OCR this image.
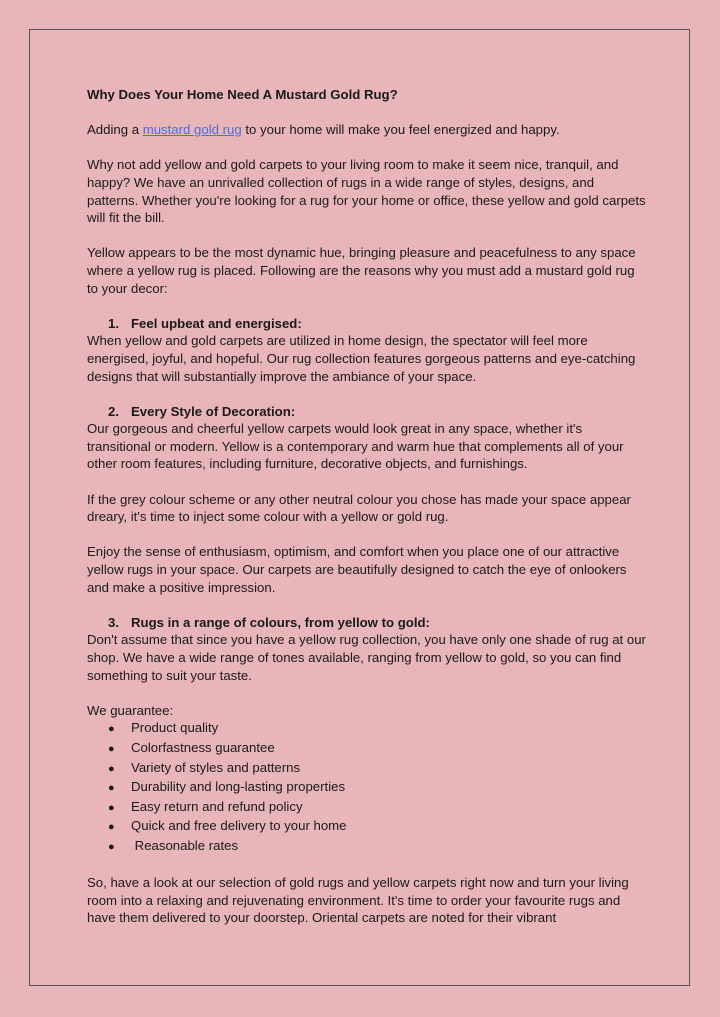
Why Does Your Home Need A Mustard Gold Rug?

Adding a mustard gold rug to your home will make you feel energized and happy.

Why not add yellow and gold carpets to your living room to make it seem nice, tranquil, and happy? We have an unrivalled collection of rugs in a wide range of styles, designs, and patterns. Whether you're looking for a rug for your home or office, these yellow and gold carpets will fit the bill.

Yellow appears to be the most dynamic hue, bringing pleasure and peacefulness to any space where a yellow rug is placed. Following are the reasons why you must add a mustard gold rug to your decor:

1. Feel upbeat and energised:

When yellow and gold carpets are utilized in home design, the spectator will feel more energised, joyful, and hopeful. Our rug collection features gorgeous patterns and eye-catching designs that will substantially improve the ambiance of your space.

2. Every Style of Decoration:

Our gorgeous and cheerful yellow carpets would look great in any space, whether it's transitional or modern. Yellow is a contemporary and warm hue that complements all of your other room features, including furniture, decorative objects, and furnishings.

If the grey colour scheme or any other neutral colour you chose has made your space appear dreary, it's time to inject some colour with a yellow or gold rug.

Enjoy the sense of enthusiasm, optimism, and comfort when you place one of our attractive yellow rugs in your space. Our carpets are beautifully designed to catch the eye of onlookers and make a positive impression.

3. Rugs in a range of colours, from yellow to gold:

Don't assume that since you have a yellow rug collection, you have only one shade of rug at our shop. We have a wide range of tones available, ranging from yellow to gold, so you can find something to suit your taste.

We guarantee:

● Product quality
● Colorfastness guarantee
● Variety of styles and patterns
● Durability and long-lasting properties
● Easy return and refund policy
● Quick and free delivery to your home
● Reasonable rates

So, have a look at our selection of gold rugs and yellow carpets right now and turn your living room into a relaxing and rejuvenating environment. It's time to order your favourite rugs and have them delivered to your doorstep. Oriental carpets are noted for their vibrant
